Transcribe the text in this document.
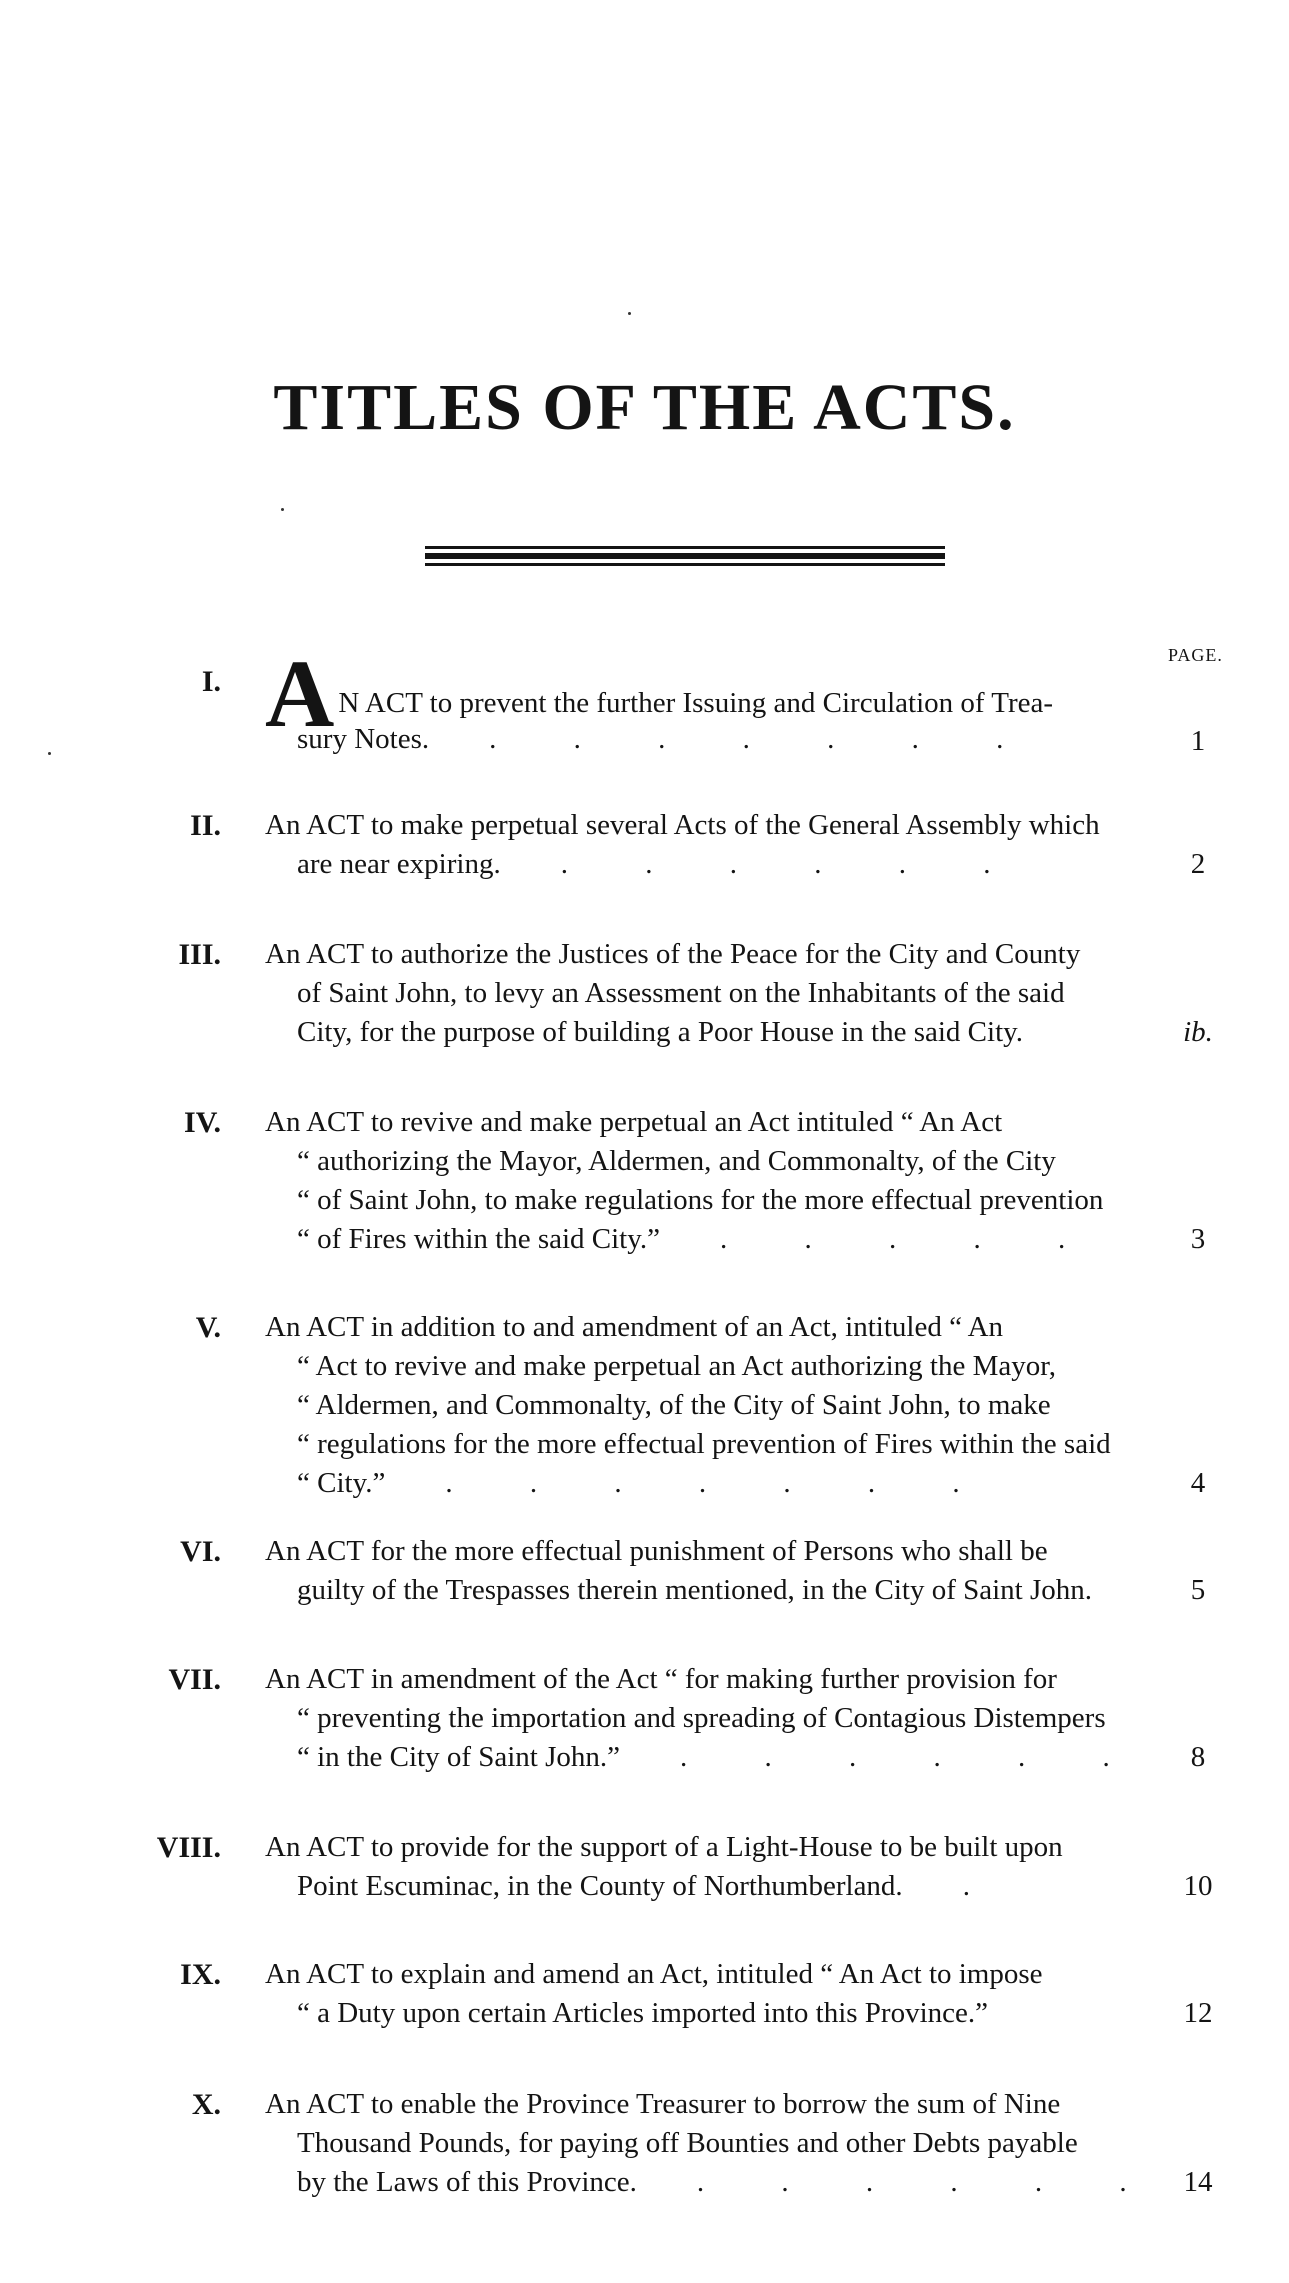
TITLES OF THE ACTS.
PAGE.
I. A N ACT to prevent the further Issuing and Circulation of Trea-
sury Notes. . . . . . . .	1
II. An ACT to make perpetual several Acts of the General Assembly which
are near expiring. . . . . . .	2
III. An ACT to authorize the Justices of the Peace for the City and County
of Saint John, to levy an Assessment on the Inhabitants of the said
City, for the purpose of building a Poor House in the said City.	ib.
IV. An ACT to revive and make perpetual an Act intituled “ An Act
“ authorizing the Mayor, Aldermen, and Commonalty, of the City
“ of Saint John, to make regulations for the more effectual prevention
“ of Fires within the said City.” . . . . .	3
V. An ACT in addition to and amendment of an Act, intituled “ An
“ Act to revive and make perpetual an Act authorizing the Mayor,
“ Aldermen, and Commonalty, of the City of Saint John, to make
“ regulations for the more effectual prevention of Fires within the said
“ City.” . . . . . . .	4
VI. An ACT for the more effectual punishment of Persons who shall be
guilty of the Trespasses therein mentioned, in the City of Saint John.	5
VII. An ACT in amendment of the Act “ for making further provision for
“ preventing the importation and spreading of Contagious Distempers
“ in the City of Saint John.” . . . . . .	8
VIII. An ACT to provide for the support of a Light-House to be built upon
Point Escuminac, in the County of Northumberland. .	10
IX. An ACT to explain and amend an Act, intituled “ An Act to impose
“ a Duty upon certain Articles imported into this Province.”	12
X. An ACT to enable the Province Treasurer to borrow the sum of Nine
Thousand Pounds, for paying off Bounties and other Debts payable
by the Laws of this Province. . . . . . .	14
